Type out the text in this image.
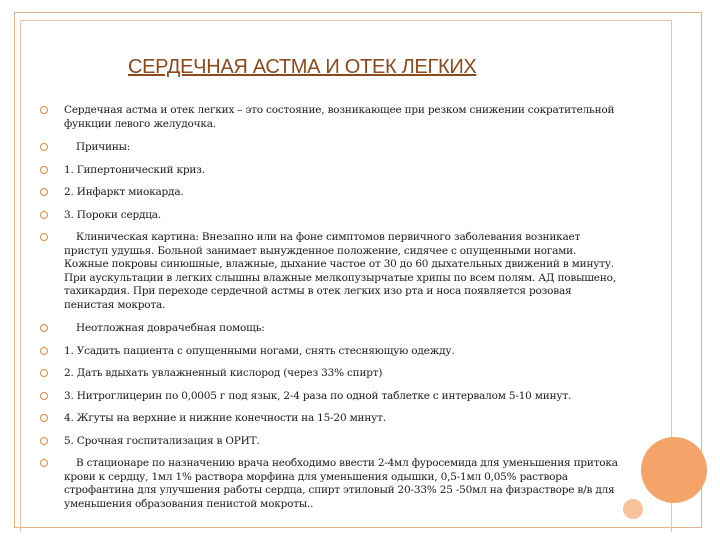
СЕРДЕЧНАЯ АСТМА И ОТЕК ЛЕГКИХ
Сердечная астма и отек легких – это состояние, возникающее при резком снижении сократительной функции левого желудочка.
Причины:
1. Гипертонический криз.
2. Инфаркт миокарда.
3. Пороки сердца.
Клиническая картина: Внезапно или на фоне симптомов первичного заболевания возникает приступ удушья. Больной занимает вынужденное положение, сидячее с опущенными ногами. Кожные покровы синюшные, влажные, дыхание частое от 30 до 60 дыхательных движений в минуту. При аускультации в легких слышны влажные мелкопузырчатые хрипы по всем полям. АД повышено, тахикардия. При переходе сердечной астмы в отек легких изо рта и носа появляется розовая пенистая мокрота.
Неотложная доврачебная помощь:
1. Усадить пациента с опущенными ногами, снять стесняющую одежду.
2. Дать вдыхать увлажненный кислород (через 33% спирт)
3. Нитроглицерин по 0,0005 г под язык, 2-4 раза по одной таблетке с интервалом 5-10 минут.
4. Жгуты на верхние и нижние конечности на 15-20 минут.
5. Срочная госпитализация в ОРИТ.
В стационаре по назначению врача необходимо ввести 2-4мл фуросемида для уменьшения притока крови к сердцу, 1мл 1% раствора морфина для уменьшения одышки, 0,5-1мл 0,05% раствора строфантина для улучшения работы сердца, спирт этиловый 20-33% 25 -50мл на физрастворе в/в для уменьшения образования пенистой мокроты..
